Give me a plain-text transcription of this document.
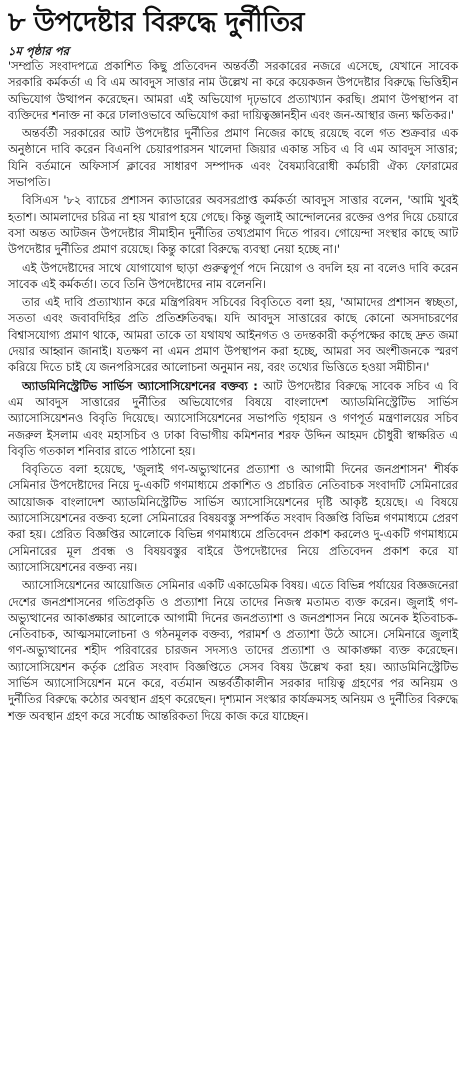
৮ উপদেষ্টার বিরুদ্ধে দুর্নীতির

১ম পৃষ্ঠার পর

'সম্প্রতি সংবাদপত্রে প্রকাশিত কিছু প্রতিবেদন অন্তর্বর্তী সরকারের নজরে এসেছে, যেখানে সাবেক সরকারি কর্মকর্তা এ বি এম আবদুস সাত্তার নাম উল্লেখ না করে কয়েকজন উপদেষ্টার বিরুদ্ধে ভিত্তিহীন অভিযোগ উত্থাপন করেছেন। আমরা এই অভিযোগ দৃঢ়ভাবে প্রত্যাখ্যান করছি। প্রমাণ উপস্থাপন বা ব্যক্তিদের শনাক্ত না করে ঢালাওভাবে অভিযোগ করা দায়িত্বজ্ঞানহীন এবং জন-আস্থার জন্য ক্ষতিকর।'

অন্তর্বর্তী সরকারের আট উপদেষ্টার দুর্নীতির প্রমাণ নিজের কাছে রয়েছে বলে গত শুক্রবার এক অনুষ্ঠানে দাবি করেন বিএনপি চেয়ারপারসন খালেদা জিয়ার একান্ত সচিব এ বি এম আবদুস সাত্তার; যিনি বর্তমানে অফিসার্স ক্লাবের সাধারণ সম্পাদক এবং বৈষম্যবিরোধী কর্মচারী ঐক্য ফোরামের সভাপতি।

বিসিএস '৮২ ব্যাচের প্রশাসন ক্যাডারের অবসরপ্রাপ্ত কর্মকর্তা আবদুস সাত্তার বলেন, 'আমি খুবই হতাশ। আমলাদের চরিত্র না হয় খারাপ হয়ে গেছে। কিন্তু জুলাই আন্দোলনের রক্তের ওপর দিয়ে চেয়ারে বসা অন্তত আটজন উপদেষ্টার সীমাহীন দুর্নীতির তথ্যপ্রমাণ দিতে পারব। গোয়েন্দা সংস্থার কাছে আট উপদেষ্টার দুর্নীতির প্রমাণ রয়েছে। কিন্তু কারো বিরুদ্ধে ব্যবস্থা নেয়া হচ্ছে না।'

এই উপদেষ্টাদের সাথে যোগাযোগ ছাড়া গুরুত্বপূর্ণ পদে নিয়োগ ও বদলি হয় না বলেও দাবি করেন সাবেক এই কর্মকর্তা। তবে তিনি উপদেষ্টাদের নাম বলেননি।

তার এই দাবি প্রত্যাখ্যান করে মন্ত্রিপরিষদ সচিবের বিবৃতিতে বলা হয়, 'আমাদের প্রশাসন স্বচ্ছতা, সততা এবং জবাবদিহির প্রতি প্রতিশ্রুতিবদ্ধ। যদি আবদুস সাত্তারের কাছে কোনো অসদাচরণের বিশ্বাসযোগ্য প্রমাণ থাকে, আমরা তাকে তা যথাযথ আইনগত ও তদন্তকারী কর্তৃপক্ষের কাছে দ্রুত জমা দেয়ার আহ্বান জানাই। যতক্ষণ না এমন প্রমাণ উপস্থাপন করা হচ্ছে, আমরা সব অংশীজনকে স্মরণ করিয়ে দিতে চাই যে জনপরিসরের আলোচনা অনুমান নয়, বরং তথ্যের ভিত্তিতে হওয়া সমীচীন।'

অ্যাডমিনিস্ট্রেটিভ সার্ভিস অ্যাসোসিয়েশনের বক্তব্য : আট উপদেষ্টার বিরুদ্ধে সাবেক সচিব এ বি এম আবদুস সাত্তারের দুর্নীতির অভিযোগের বিষয়ে বাংলাদেশ অ্যাডমিনিস্ট্রেটিভ সার্ভিস অ্যাসোসিয়েশনও বিবৃতি দিয়েছে। অ্যাসোসিয়েশনের সভাপতি গৃহায়ন ও গণপূর্ত মন্ত্রণালয়ের সচিব নজরুল ইসলাম এবং মহাসচিব ও ঢাকা বিভাগীয় কমিশনার শরফ উদ্দিন আহমদ চৌধুরী স্বাক্ষরিত এ বিবৃতি গতকাল শনিবার রাতে পাঠানো হয়।

বিবৃতিতে বলা হয়েছে, 'জুলাই গণ-অভ্যুত্থানের প্রত্যাশা ও আগামী দিনের জনপ্রশাসন' শীর্ষক সেমিনার উপদেষ্টাদের নিয়ে দু-একটি গণমাধ্যমে প্রকাশিত ও প্রচারিত নেতিবাচক সংবাদটি সেমিনারের আয়োজক বাংলাদেশ অ্যাডমিনিস্ট্রেটিভ সার্ভিস অ্যাসোসিয়েশনের দৃষ্টি আকৃষ্ট হয়েছে। এ বিষয়ে অ্যাসোসিয়েশনের বক্তব্য হলো সেমিনারের বিষয়বস্তু সম্পর্কিত সংবাদ বিজ্ঞপ্তি বিভিন্ন গণমাধ্যমে প্রেরণ করা হয়। প্রেরিত বিজ্ঞপ্তির আলোকে বিভিন্ন গণমাধ্যমে প্রতিবেদন প্রকাশ করলেও দু-একটি গণমাধ্যমে সেমিনারের মূল প্রবন্ধ ও বিষয়বস্তুর বাইরে উপদেষ্টাদের নিয়ে প্রতিবেদন প্রকাশ করে যা অ্যাসোসিয়েশনের বক্তব্য নয়।

অ্যাসোসিয়েশনের আয়োজিত সেমিনার একটি একাডেমিক বিষয়। এতে বিভিন্ন পর্যায়ের বিজ্ঞজনেরা দেশের জনপ্রশাসনের গতিপ্রকৃতি ও প্রত্যাশা নিয়ে তাদের নিজস্ব মতামত ব্যক্ত করেন। জুলাই গণ-অভ্যুত্থানের আকাঙ্ক্ষার আলোকে আগামী দিনের জনপ্রত্যাশা ও জনপ্রশাসন নিয়ে অনেক ইতিবাচক-নেতিবাচক, আত্মসমালোচনা ও গঠনমূলক বক্তব্য, পরামর্শ ও প্রত্যাশা উঠে আসে। সেমিনারে জুলাই গণ-অভ্যুত্থানের শহীদ পরিবারের চারজন সদস্যও তাদের প্রত্যাশা ও আকাঙ্ক্ষা ব্যক্ত করেছেন। অ্যাসোসিয়েশন কর্তৃক প্রেরিত সংবাদ বিজ্ঞপ্তিতে সেসব বিষয় উল্লেখ করা হয়। অ্যাডমিনিস্ট্রেটিভ সার্ভিস অ্যাসোসিয়েশন মনে করে, বর্তমান অন্তর্বর্তীকালীন সরকার দায়িত্ব গ্রহণের পর অনিয়ম ও দুর্নীতির বিরুদ্ধে কঠোর অবস্থান গ্রহণ করেছেন। দৃশ্যমান সংস্কার কার্যক্রমসহ অনিয়ম ও দুর্নীতির বিরুদ্ধে শক্ত অবস্থান গ্রহণ করে সর্বোচ্চ আন্তরিকতা দিয়ে কাজ করে যাচ্ছেন।
